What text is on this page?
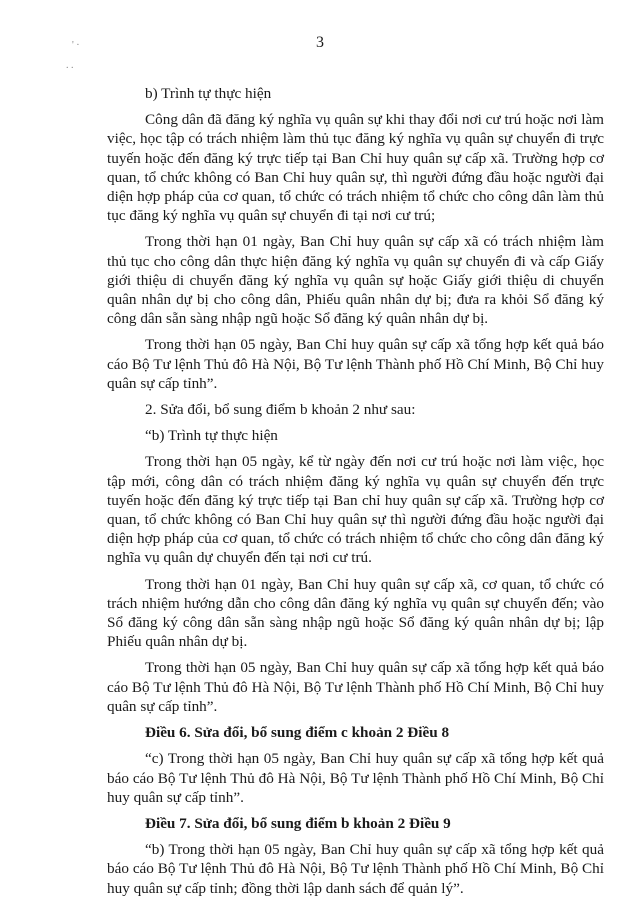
' ·
. .
3

b) Trình tự thực hiện

Công dân đã đăng ký nghĩa vụ quân sự khi thay đổi nơi cư trú hoặc nơi làm việc, học tập có trách nhiệm làm thủ tục đăng ký nghĩa vụ quân sự chuyển đi trực tuyến hoặc đến đăng ký trực tiếp tại Ban Chỉ huy quân sự cấp xã. Trường hợp cơ quan, tổ chức không có Ban Chỉ huy quân sự, thì người đứng đầu hoặc người đại diện hợp pháp của cơ quan, tổ chức có trách nhiệm tổ chức cho công dân làm thủ tục đăng ký nghĩa vụ quân sự chuyển đi tại nơi cư trú;

Trong thời hạn 01 ngày, Ban Chỉ huy quân sự cấp xã có trách nhiệm làm thủ tục cho công dân thực hiện đăng ký nghĩa vụ quân sự chuyển đi và cấp Giấy giới thiệu di chuyển đăng ký nghĩa vụ quân sự hoặc Giấy giới thiệu di chuyển quân nhân dự bị cho công dân, Phiếu quân nhân dự bị; đưa ra khỏi Sổ đăng ký công dân sẵn sàng nhập ngũ hoặc Sổ đăng ký quân nhân dự bị.

Trong thời hạn 05 ngày, Ban Chỉ huy quân sự cấp xã tổng hợp kết quả báo cáo Bộ Tư lệnh Thủ đô Hà Nội, Bộ Tư lệnh Thành phố Hồ Chí Minh, Bộ Chỉ huy quân sự cấp tỉnh”.

2. Sửa đổi, bổ sung điểm b khoản 2 như sau:

“b) Trình tự thực hiện

Trong thời hạn 05 ngày, kể từ ngày đến nơi cư trú hoặc nơi làm việc, học tập mới, công dân có trách nhiệm đăng ký nghĩa vụ quân sự chuyển đến trực tuyến hoặc đến đăng ký trực tiếp tại Ban chỉ huy quân sự cấp xã. Trường hợp cơ quan, tổ chức không có Ban Chỉ huy quân sự thì người đứng đầu hoặc người đại diện hợp pháp của cơ quan, tổ chức có trách nhiệm tổ chức cho công dân đăng ký nghĩa vụ quân dự chuyển đến tại nơi cư trú.

Trong thời hạn 01 ngày, Ban Chỉ huy quân sự cấp xã, cơ quan, tổ chức có trách nhiệm hướng dẫn cho công dân đăng ký nghĩa vụ quân sự chuyển đến; vào Sổ đăng ký công dân sẵn sàng nhập ngũ hoặc Sổ đăng ký quân nhân dự bị; lập Phiếu quân nhân dự bị.

Trong thời hạn 05 ngày, Ban Chỉ huy quân sự cấp xã tổng hợp kết quả báo cáo Bộ Tư lệnh Thủ đô Hà Nội, Bộ Tư lệnh Thành phố Hồ Chí Minh, Bộ Chỉ huy quân sự cấp tỉnh”.

Điều 6. Sửa đổi, bổ sung điểm c khoản 2 Điều 8

“c) Trong thời hạn 05 ngày, Ban Chỉ huy quân sự cấp xã tổng hợp kết quả báo cáo Bộ Tư lệnh Thủ đô Hà Nội, Bộ Tư lệnh Thành phố Hồ Chí Minh, Bộ Chỉ huy quân sự cấp tỉnh”.

Điều 7. Sửa đổi, bổ sung điểm b khoản 2 Điều 9

“b) Trong thời hạn 05 ngày, Ban Chỉ huy quân sự cấp xã tổng hợp kết quả báo cáo Bộ Tư lệnh Thủ đô Hà Nội, Bộ Tư lệnh Thành phố Hồ Chí Minh, Bộ Chỉ huy quân sự cấp tỉnh; đồng thời lập danh sách để quản lý”.
